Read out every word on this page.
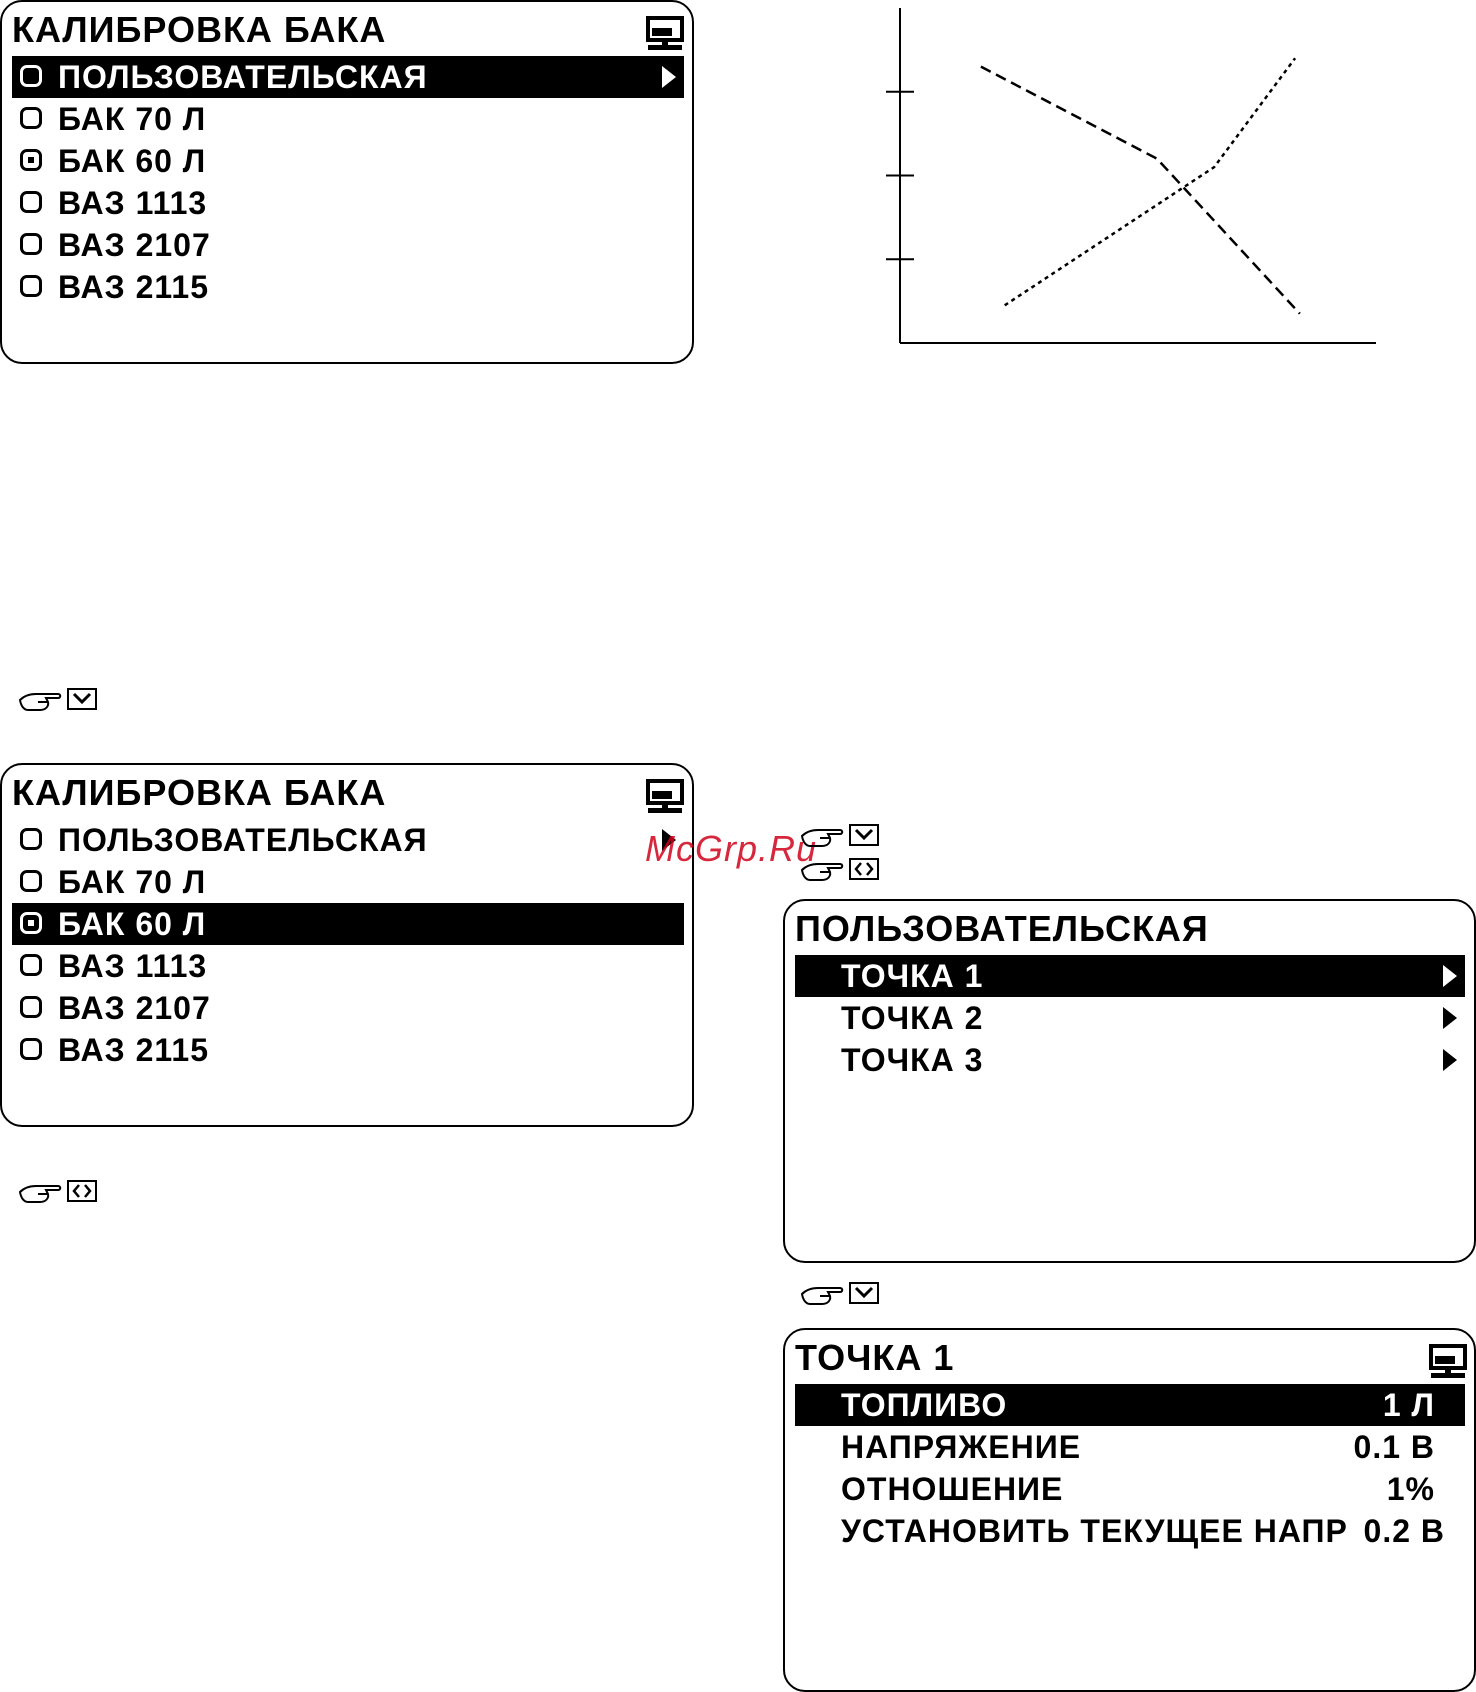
КАЛИБРОВКА БАКА
ПОЛЬЗОВАТЕЛЬСКАЯ
БАК 70 Л
БАК 60 Л
ВАЗ 1113
ВАЗ 2107
ВАЗ 2115
КАЛИБРОВКА БАКА
ПОЛЬЗОВАТЕЛЬСКАЯ
БАК 70 Л
БАК 60 Л
ВАЗ 1113
ВАЗ 2107
ВАЗ 2115
McGrp.Ru
ПОЛЬЗОВАТЕЛЬСКАЯ
ТОЧКА 1
ТОЧКА 2
ТОЧКА 3
ТОЧКА 1
ТОПЛИВО	1 Л
НАПРЯЖЕНИЕ	0.1 В
ОТНОШЕНИЕ	1%
УСТАНОВИТЬ ТЕКУЩЕЕ НАПР 0.2 В
